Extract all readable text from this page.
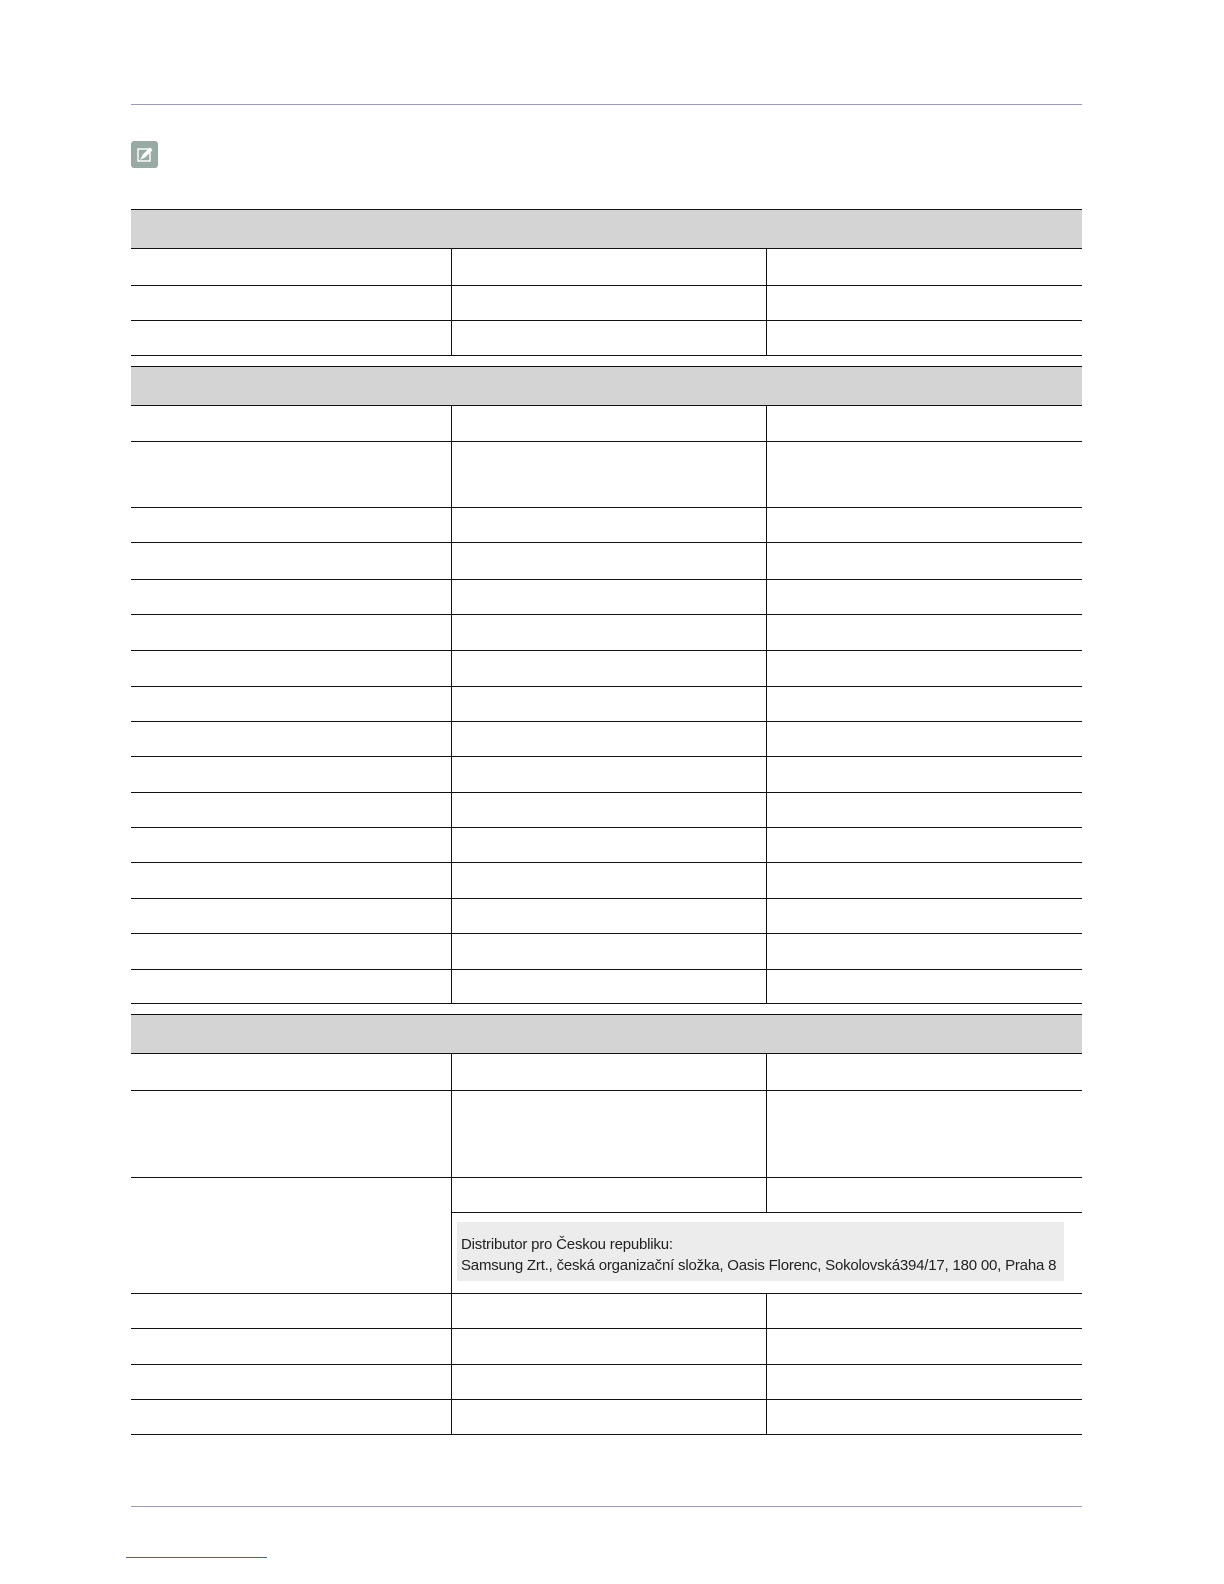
Distributor pro Českou republiku:
Samsung Zrt., česká organizační složka, Oasis Florenc, Sokolovská394/17, 180 00, Praha 8
